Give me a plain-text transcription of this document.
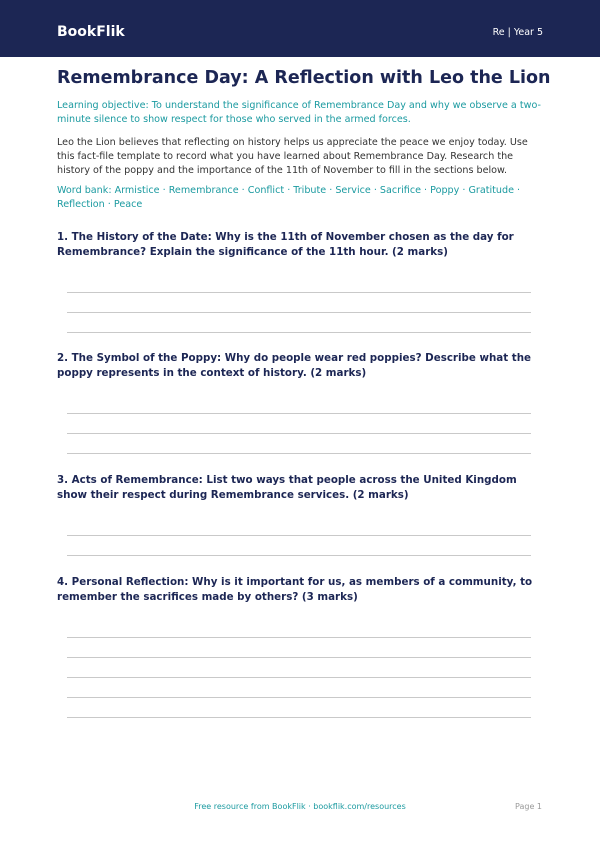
BookFlik	Re | Year 5
Remembrance Day: A Reflection with Leo the Lion

Learning objective: To understand the significance of Remembrance Day and why we observe a two-minute silence to show respect for those who served in the armed forces.

Leo the Lion believes that reflecting on history helps us appreciate the peace we enjoy today. Use this fact-file template to record what you have learned about Remembrance Day. Research the history of the poppy and the importance of the 11th of November to fill in the sections below.

Word bank: Armistice · Remembrance · Conflict · Tribute · Service · Sacrifice · Poppy · Gratitude · Reflection · Peace

1. The History of the Date: Why is the 11th of November chosen as the day for Remembrance? Explain the significance of the 11th hour. (2 marks)

2. The Symbol of the Poppy: Why do people wear red poppies? Describe what the poppy represents in the context of history. (2 marks)

3. Acts of Remembrance: List two ways that people across the United Kingdom show their respect during Remembrance services. (2 marks)

4. Personal Reflection: Why is it important for us, as members of a community, to remember the sacrifices made by others? (3 marks)

Free resource from BookFlik · bookflik.com/resources	Page 1
